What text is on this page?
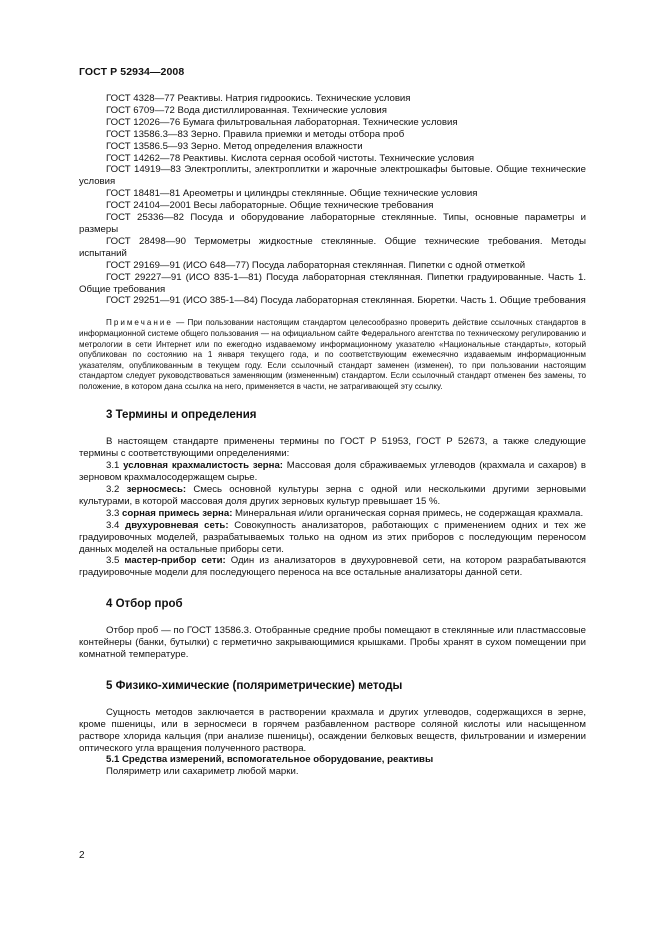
ГОСТ Р 52934—2008
ГОСТ 4328—77 Реактивы. Натрия гидроокись. Технические условия
ГОСТ 6709—72 Вода дистиллированная. Технические условия
ГОСТ 12026—76 Бумага фильтровальная лабораторная. Технические условия
ГОСТ 13586.3—83 Зерно. Правила приемки и методы отбора проб
ГОСТ 13586.5—93 Зерно. Метод определения влажности
ГОСТ 14262—78 Реактивы. Кислота серная особой чистоты. Технические условия
ГОСТ 14919—83 Электроплиты, электроплитки и жарочные электрошкафы бытовые. Общие технические условия
ГОСТ 18481—81 Ареометры и цилиндры стеклянные. Общие технические условия
ГОСТ 24104—2001 Весы лабораторные. Общие технические требования
ГОСТ 25336—82 Посуда и оборудование лабораторные стеклянные. Типы, основные параметры и размеры
ГОСТ 28498—90 Термометры жидкостные стеклянные. Общие технические требования. Методы испытаний
ГОСТ 29169—91 (ИСО 648—77) Посуда лабораторная стеклянная. Пипетки с одной отметкой
ГОСТ 29227—91 (ИСО 835-1—81) Посуда лабораторная стеклянная. Пипетки градуированные. Часть 1. Общие требования
ГОСТ 29251—91 (ИСО 385-1—84) Посуда лабораторная стеклянная. Бюретки. Часть 1. Общие требования
Примечание — При пользовании настоящим стандартом целесообразно проверить действие ссылочных стандартов в информационной системе общего пользования — на официальном сайте Федерального агентства по техническому регулированию и метрологии в сети Интернет или по ежегодно издаваемому информационному указателю «Национальные стандарты», который опубликован по состоянию на 1 января текущего года, и по соответствующим ежемесячно издаваемым информационным указателям, опубликованным в текущем году. Если ссылочный стандарт заменен (изменен), то при пользовании настоящим стандартом следует руководствоваться заменяющим (измененным) стандартом. Если ссылочный стандарт отменен без замены, то положение, в котором дана ссылка на него, применяется в части, не затрагивающей эту ссылку.
3 Термины и определения
В настоящем стандарте применены термины по ГОСТ Р 51953, ГОСТ Р 52673, а также следующие термины с соответствующими определениями:
3.1 условная крахмалистость зерна: Массовая доля сбраживаемых углеводов (крахмала и сахаров) в зерновом крахмалосодержащем сырье.
3.2 зерносмесь: Смесь основной культуры зерна с одной или несколькими другими зерновыми культурами, в которой массовая доля других зерновых культур превышает 15 %.
3.3 сорная примесь зерна: Минеральная и/или органическая сорная примесь, не содержащая крахмала.
3.4 двухуровневая сеть: Совокупность анализаторов, работающих с применением одних и тех же градуировочных моделей, разрабатываемых только на одном из этих приборов с последующим переносом данных моделей на остальные приборы сети.
3.5 мастер-прибор сети: Один из анализаторов в двухуровневой сети, на котором разрабатываются градуировочные модели для последующего переноса на все остальные анализаторы данной сети.
4 Отбор проб
Отбор проб — по ГОСТ 13586.3. Отобранные средние пробы помещают в стеклянные или пластмассовые контейнеры (банки, бутылки) с герметично закрывающимися крышками. Пробы хранят в сухом помещении при комнатной температуре.
5 Физико-химические (поляриметрические) методы
Сущность методов заключается в растворении крахмала и других углеводов, содержащихся в зерне, кроме пшеницы, или в зерносмеси в горячем разбавленном растворе соляной кислоты или насыщенном растворе хлорида кальция (при анализе пшеницы), осаждении белковых веществ, фильтровании и измерении оптического угла вращения полученного раствора.
5.1 Средства измерений, вспомогательное оборудование, реактивы
Поляриметр или сахариметр любой марки.
2
